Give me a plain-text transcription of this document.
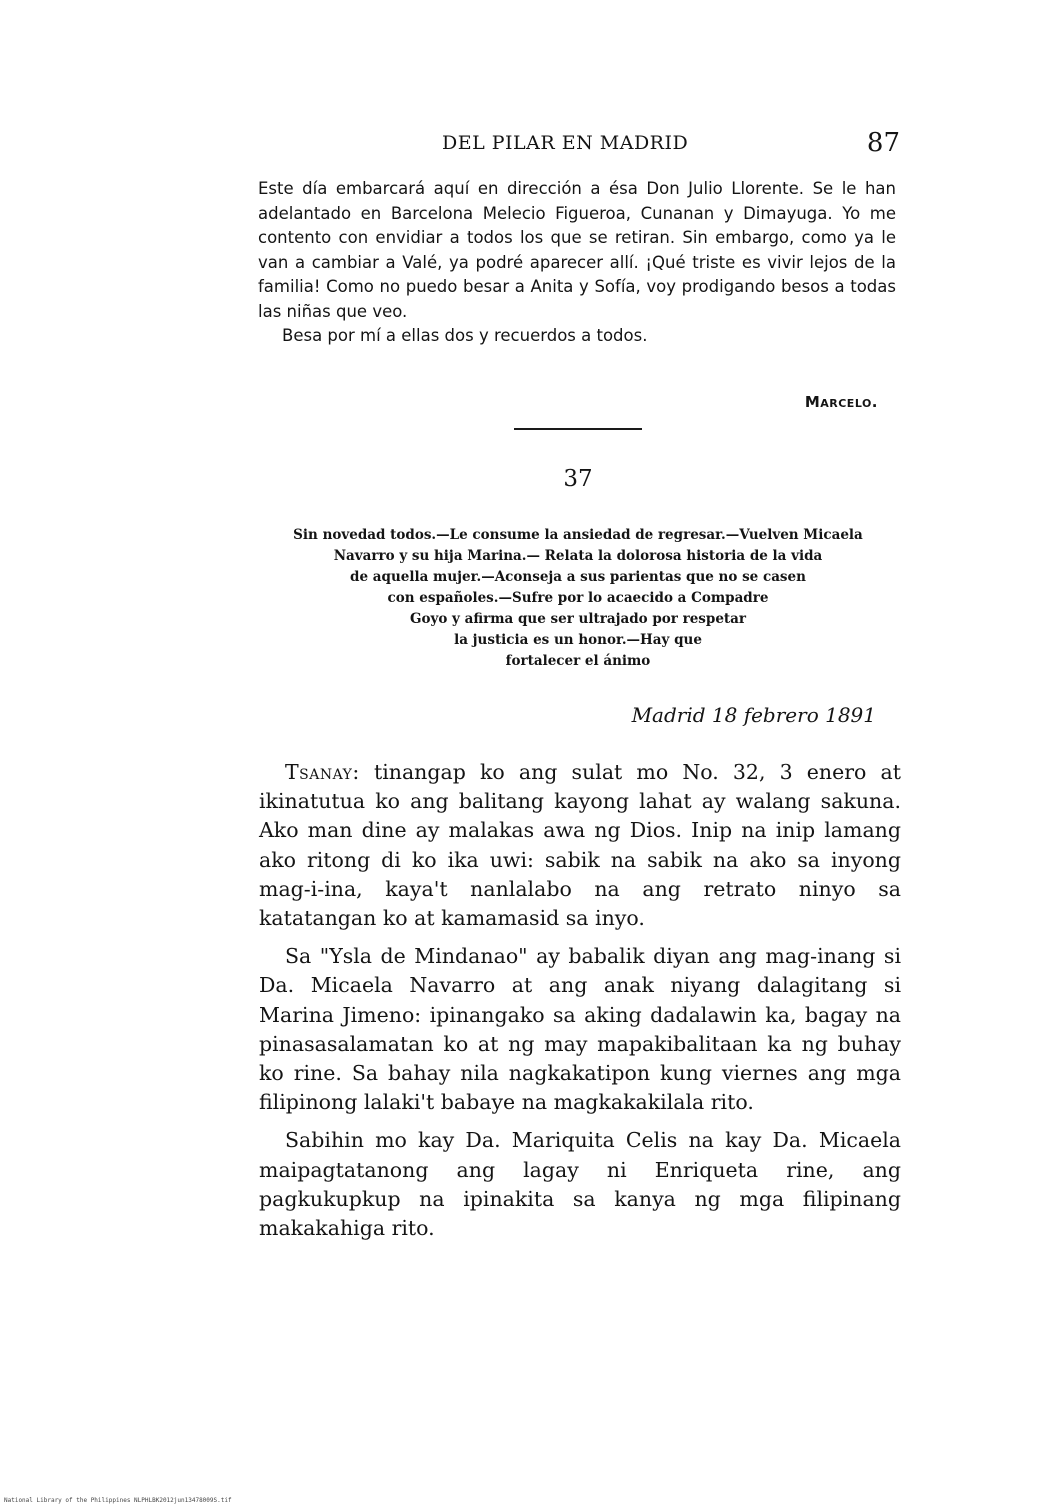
DEL PILAR EN MADRID	87

Este día embarcará aquí en dirección a ésa Don Julio Llorente. Se le han adelantado en Barcelona Melecio Figueroa, Cunanan y Dimayuga. Yo me contento con envidiar a todos los que se retiran. Sin embargo, como ya le van a cambiar a Valé, ya podré aparecer allí. ¡Qué triste es vivir lejos de la familia! Como no puedo besar a Anita y Sofía, voy prodigando besos a todas las niñas que veo.

Besa por mí a ellas dos y recuerdos a todos.

Marcelo.
37
Sin novedad todos.—Le consume la ansiedad de regresar.—Vuelven Micaela
Navarro y su hija Marina.— Relata la dolorosa historia de la vida
de aquella mujer.—Aconseja a sus parientas que no se casen
con españoles.—Sufre por lo acaecido a Compadre
Goyo y afirma que ser ultrajado por respetar
la justicia es un honor.—Hay que
fortalecer el ánimo
Madrid 18 febrero 1891

Tsanay: tinangap ko ang sulat mo No. 32, 3 enero at ikinatutua ko ang balitang kayong lahat ay walang sakuna. Ako man dine ay malakas awa ng Dios. Inip na inip lamang ako ritong di ko ika uwi: sabik na sabik na ako sa inyong mag-i-ina, kaya't nanlalabo na ang retrato ninyo sa katatangan ko at kamamasid sa inyo.

Sa "Ysla de Mindanao" ay babalik diyan ang mag-inang si Da. Micaela Navarro at ang anak niyang dalagitang si Marina Jimeno: ipinangako sa aking dadalawin ka, bagay na pinasasalamatan ko at ng may mapakibalitaan ka ng buhay ko rine. Sa bahay nila nagkakatipon kung viernes ang mga filipinong lalaki't babaye na magkakakilala rito.

Sabihin mo kay Da. Mariquita Celis na kay Da. Micaela maipagtatanong ang lagay ni Enriqueta rine, ang pagkukupkup na ipinakita sa kanya ng mga filipinang makakahiga rito.

National Library of the Philippines NLPHLBK2012jun13478009S.tif
